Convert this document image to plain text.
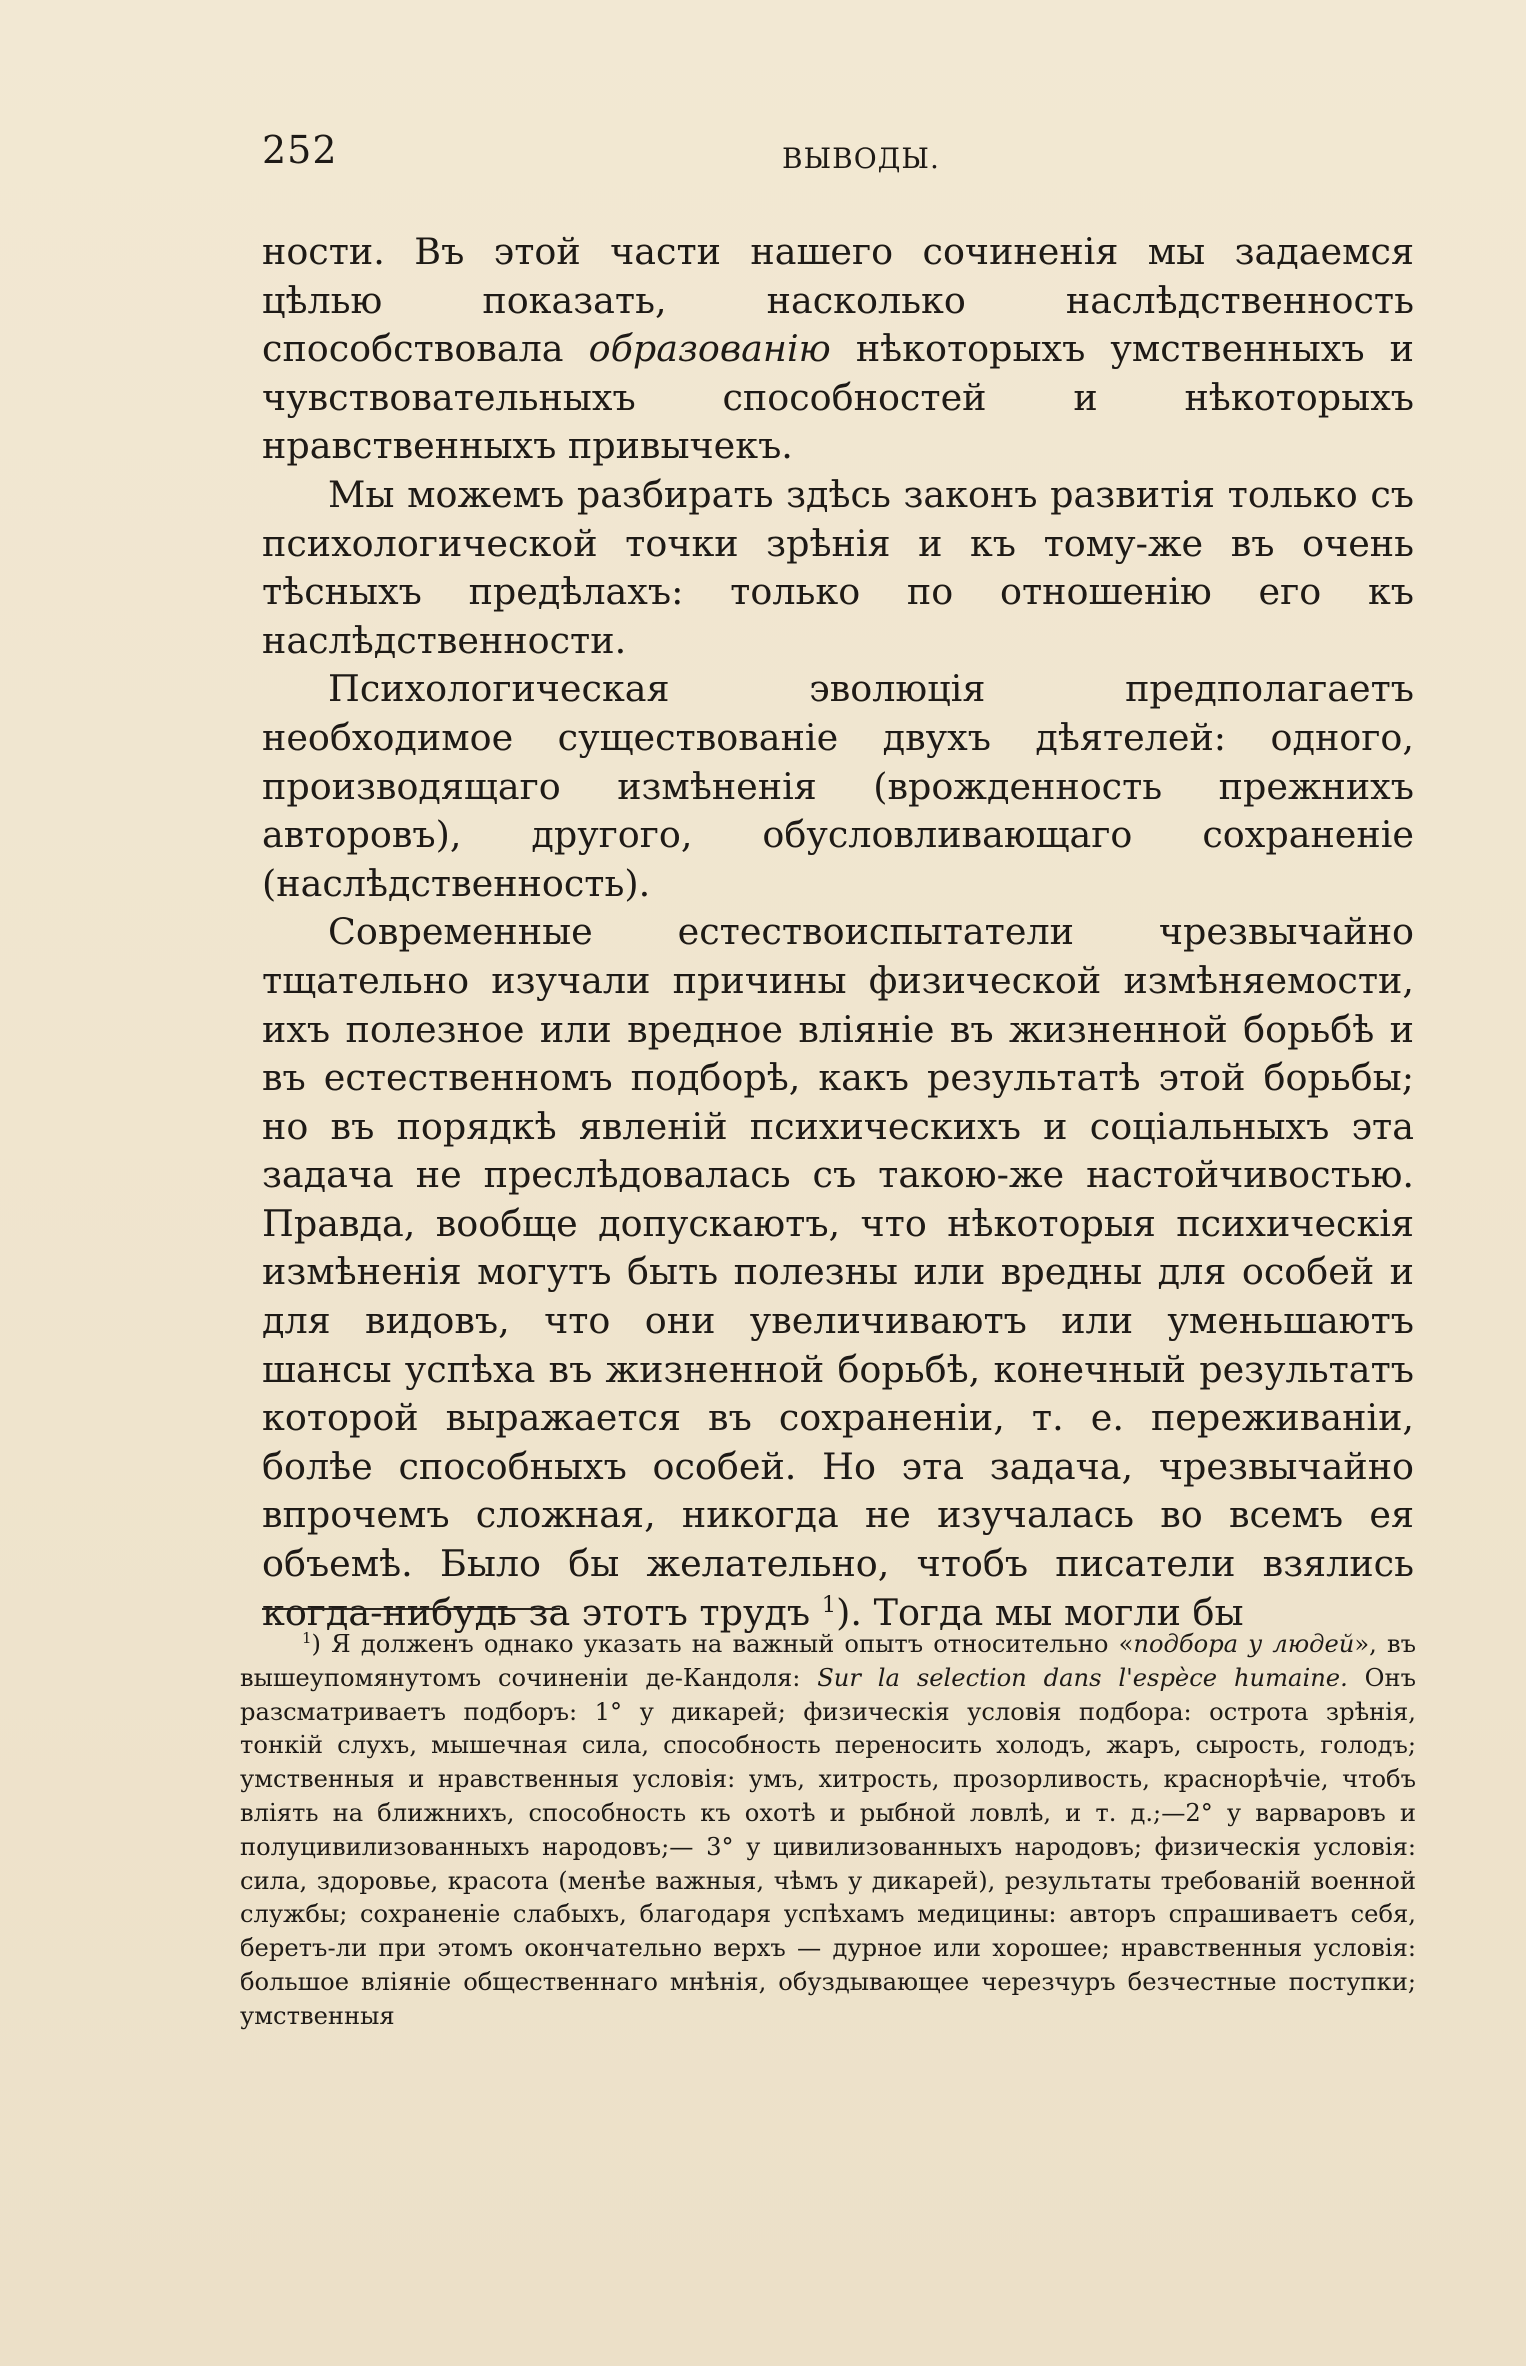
252	ВЫВОДЫ.

ности. Въ этой части нашего сочиненія мы задаемся цѣлью показать, насколько наслѣдственность способствовала образованію нѣкоторыхъ умственныхъ и чувствовательныхъ способностей и нѣкоторыхъ нравственныхъ привычекъ.

Мы можемъ разбирать здѣсь законъ развитія только съ психологической точки зрѣнія и къ тому-же въ очень тѣсныхъ предѣлахъ: только по отношенію его къ наслѣдственности.

Психологическая эволюція предполагаетъ необходимое существованіе двухъ дѣятелей: одного, производящаго измѣненія (врожденность прежнихъ авторовъ), другого, обусловливающаго сохраненіе (наслѣдственность).

Современные естествоиспытатели чрезвычайно тщательно изучали причины физической измѣняемости, ихъ полезное или вредное вліяніе въ жизненной борьбѣ и въ естественномъ подборѣ, какъ результатѣ этой борьбы; но въ порядкѣ явленій психическихъ и соціальныхъ эта задача не преслѣдовалась съ такою-же настойчивостью. Правда, вообще допускаютъ, что нѣкоторыя психическія измѣненія могутъ быть полезны или вредны для особей и для видовъ, что они увеличиваютъ или уменьшаютъ шансы успѣха въ жизненной борьбѣ, конечный результатъ которой выражается въ сохраненіи, т. е. переживаніи, болѣе способныхъ особей. Но эта задача, чрезвычайно впрочемъ сложная, никогда не изучалась во всемъ ея объемѣ. Было бы желательно, чтобъ писатели взялись когда-нибудь за этотъ трудъ $^1$). Тогда мы могли бы

$^1$) Я долженъ однако указать на важный опытъ относительно «подбора у людей», въ вышеупомянутомъ сочиненіи де-Кандоля: Sur la selection dans l'espèce humaine. Онъ разсматриваетъ подборъ: 1° у дикарей; физическія условія подбора: острота зрѣнія, тонкій слухъ, мышечная сила, способность переносить холодъ, жаръ, сырость, голодъ; умственныя и нравственныя условія: умъ, хитрость, прозорливость, краснорѣчіе, чтобъ вліять на ближнихъ, способность къ охотѣ и рыбной ловлѣ, и т. д.;—2° у варваровъ и полуцивилизованныхъ народовъ;— 3° у цивилизованныхъ народовъ; физическія условія: сила, здоровье, красота (менѣе важныя, чѣмъ у дикарей), результаты требованій военной службы; сохраненіе слабыхъ, благодаря успѣхамъ медицины: авторъ спрашиваетъ себя, беретъ-ли при этомъ окончательно верхъ — дурное или хорошее; нравственныя условія: большое вліяніе общественнаго мнѣнія, обуздывающее черезчуръ безчестные поступки; умственныя
